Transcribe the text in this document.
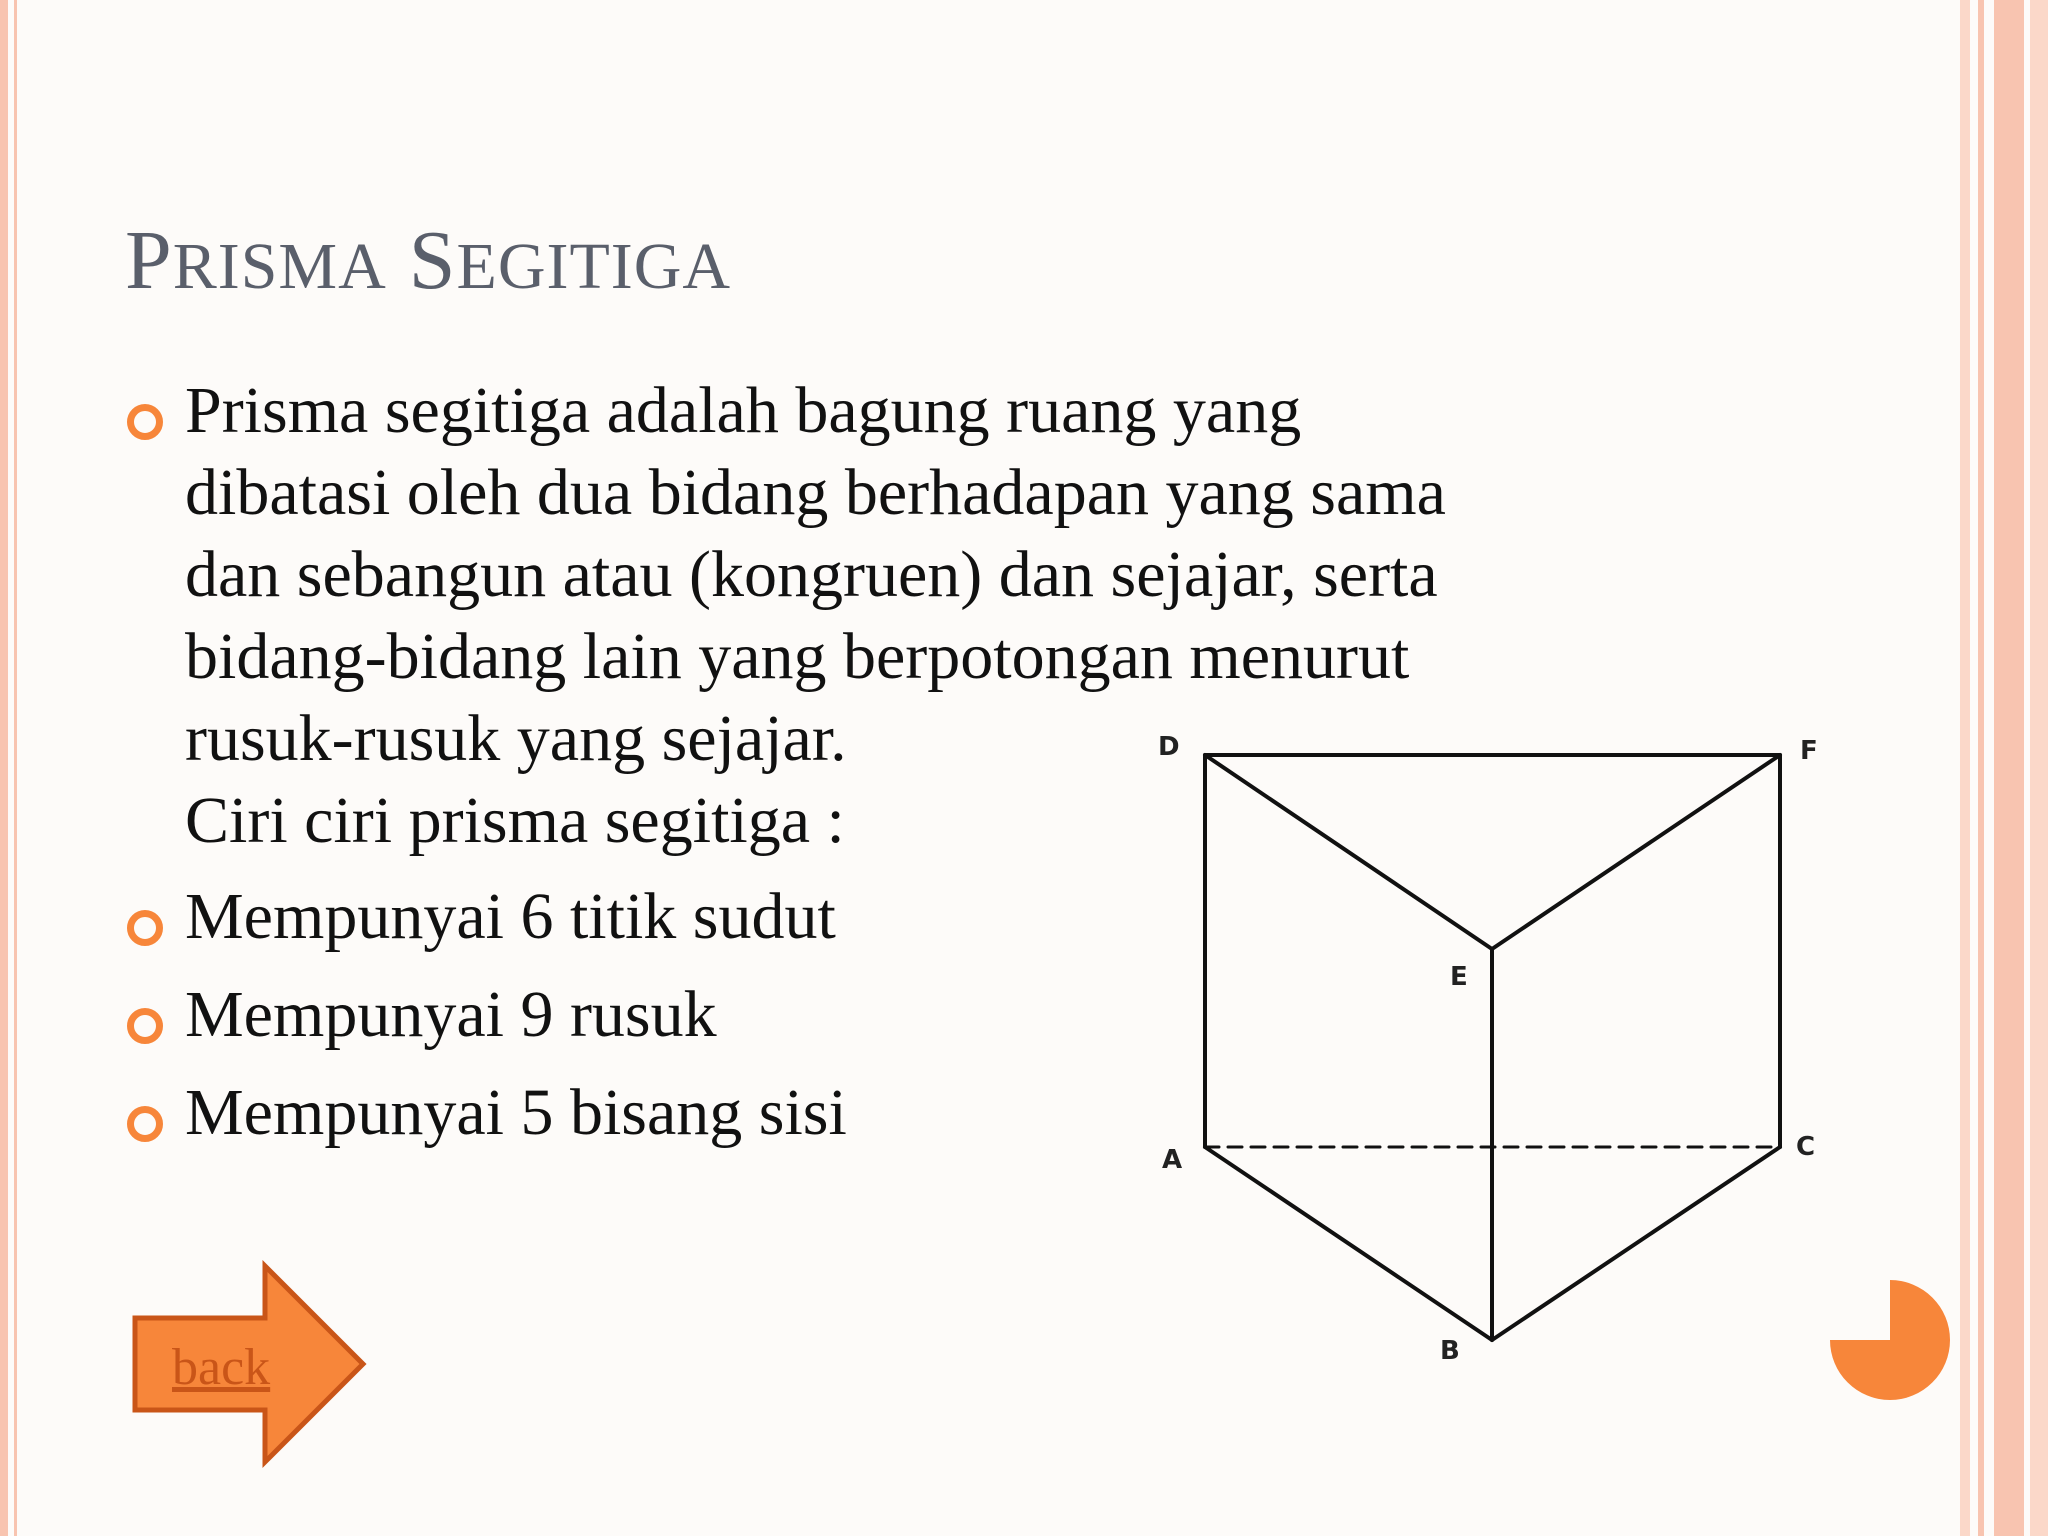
PRISMA SEGITIGA
Prisma segitiga adalah bagung ruang yang
dibatasi oleh dua bidang berhadapan yang sama
dan sebangun atau (kongruen) dan sejajar, serta
bidang-bidang lain yang berpotongan menurut
rusuk-rusuk yang sejajar.
Ciri ciri prisma segitiga :
Mempunyai 6 titik sudut
Mempunyai 9 rusuk
Mempunyai 5 bisang sisi
D	F
E
A	C
B
back
